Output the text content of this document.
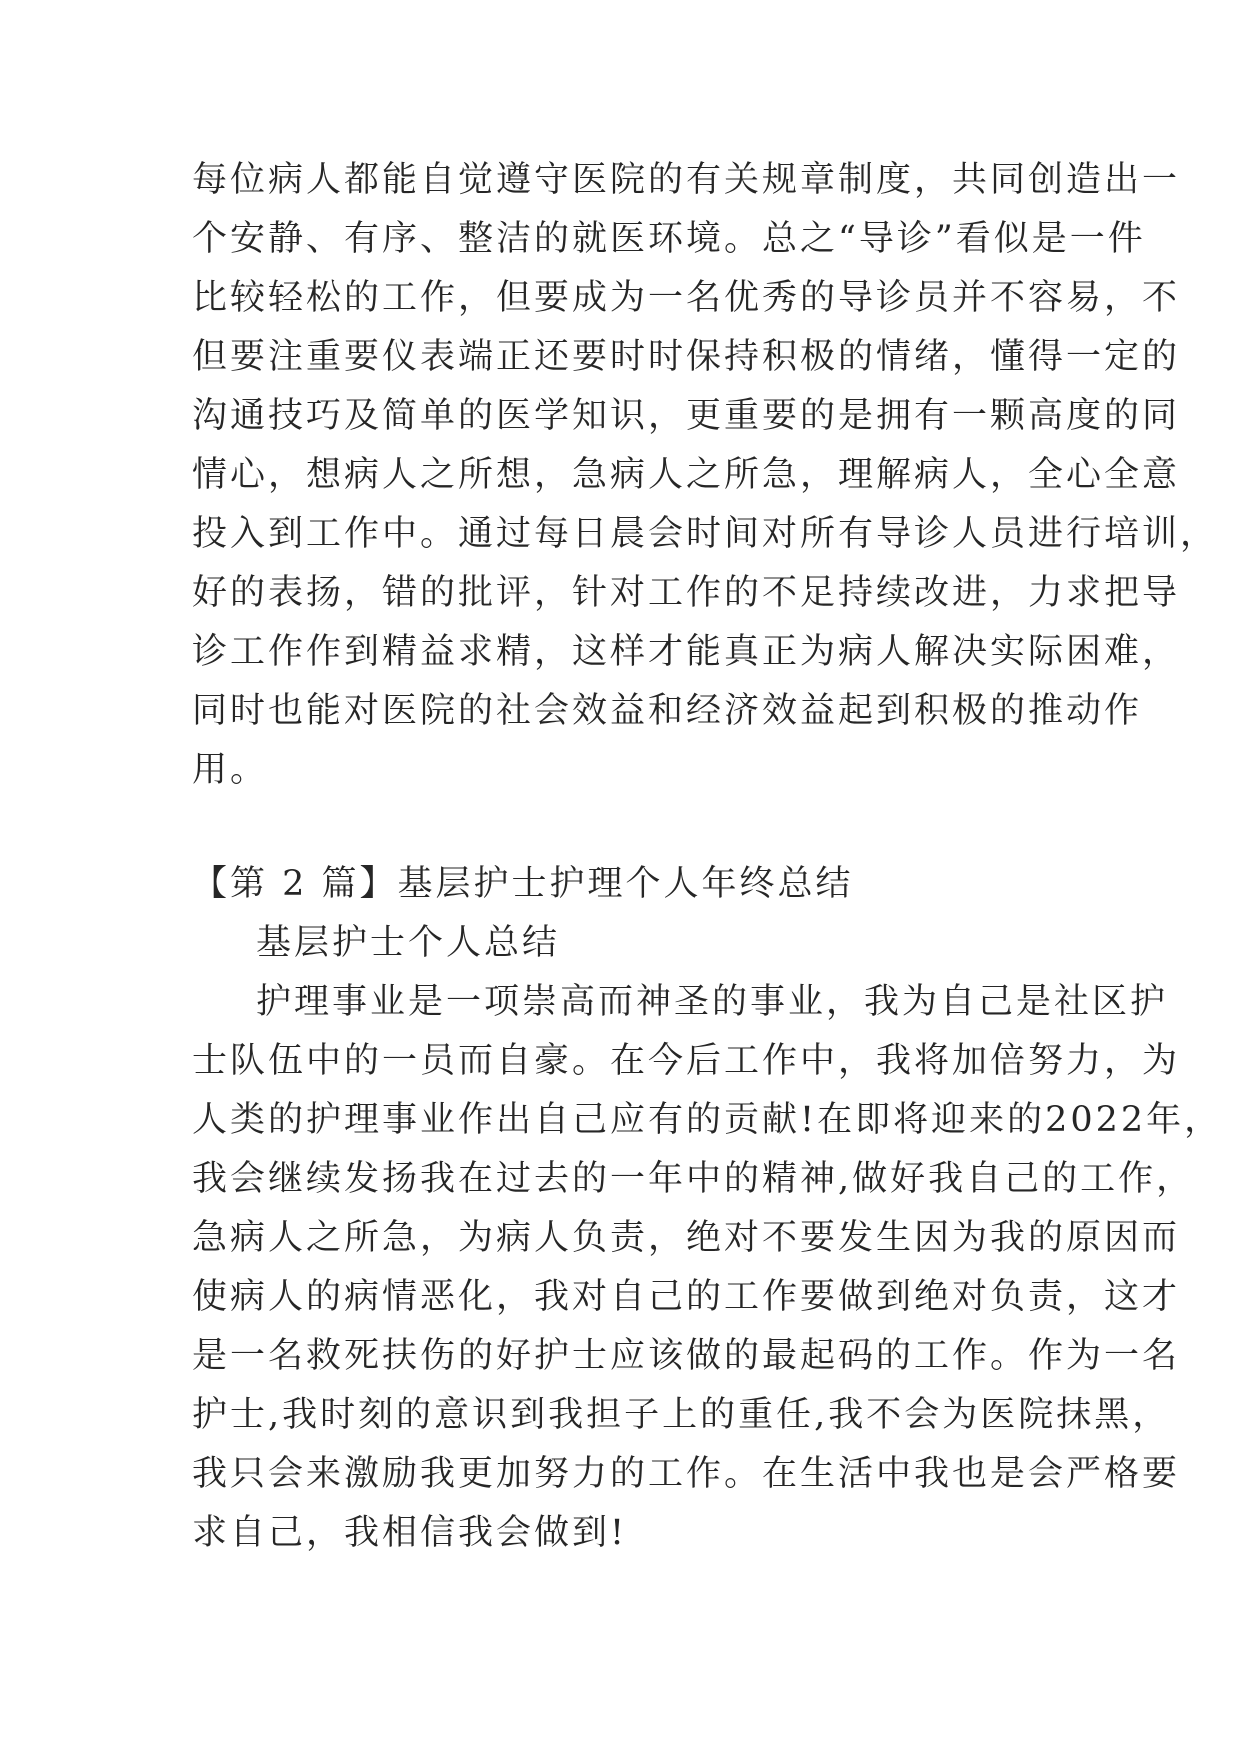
每位病人都能自觉遵守医院的有关规章制度，共同创造出一
个安静、有序、整洁的就医环境。总之“导诊”看似是一件
比较轻松的工作，但要成为一名优秀的导诊员并不容易，不
但要注重要仪表端正还要时时保持积极的情绪，懂得一定的
沟通技巧及简单的医学知识，更重要的是拥有一颗高度的同
情心，想病人之所想，急病人之所急，理解病人，全心全意
投入到工作中。通过每日晨会时间对所有导诊人员进行培训，
好的表扬，错的批评，针对工作的不足持续改进，力求把导
诊工作作到精益求精，这样才能真正为病人解决实际困难，
同时也能对医院的社会效益和经济效益起到积极的推动作
用。
【第 2 篇】基层护士护理个人年终总结
基层护士个人总结
护理事业是一项崇高而神圣的事业，我为自己是社区护
士队伍中的一员而自豪。在今后工作中，我将加倍努力，为
人类的护理事业作出自己应有的贡献!在即将迎来的2022年，
我会继续发扬我在过去的一年中的精神,做好我自己的工作，
急病人之所急，为病人负责，绝对不要发生因为我的原因而
使病人的病情恶化，我对自己的工作要做到绝对负责，这才
是一名救死扶伤的好护士应该做的最起码的工作。作为一名
护士,我时刻的意识到我担子上的重任,我不会为医院抹黑，
我只会来激励我更加努力的工作。在生活中我也是会严格要
求自己，我相信我会做到!
